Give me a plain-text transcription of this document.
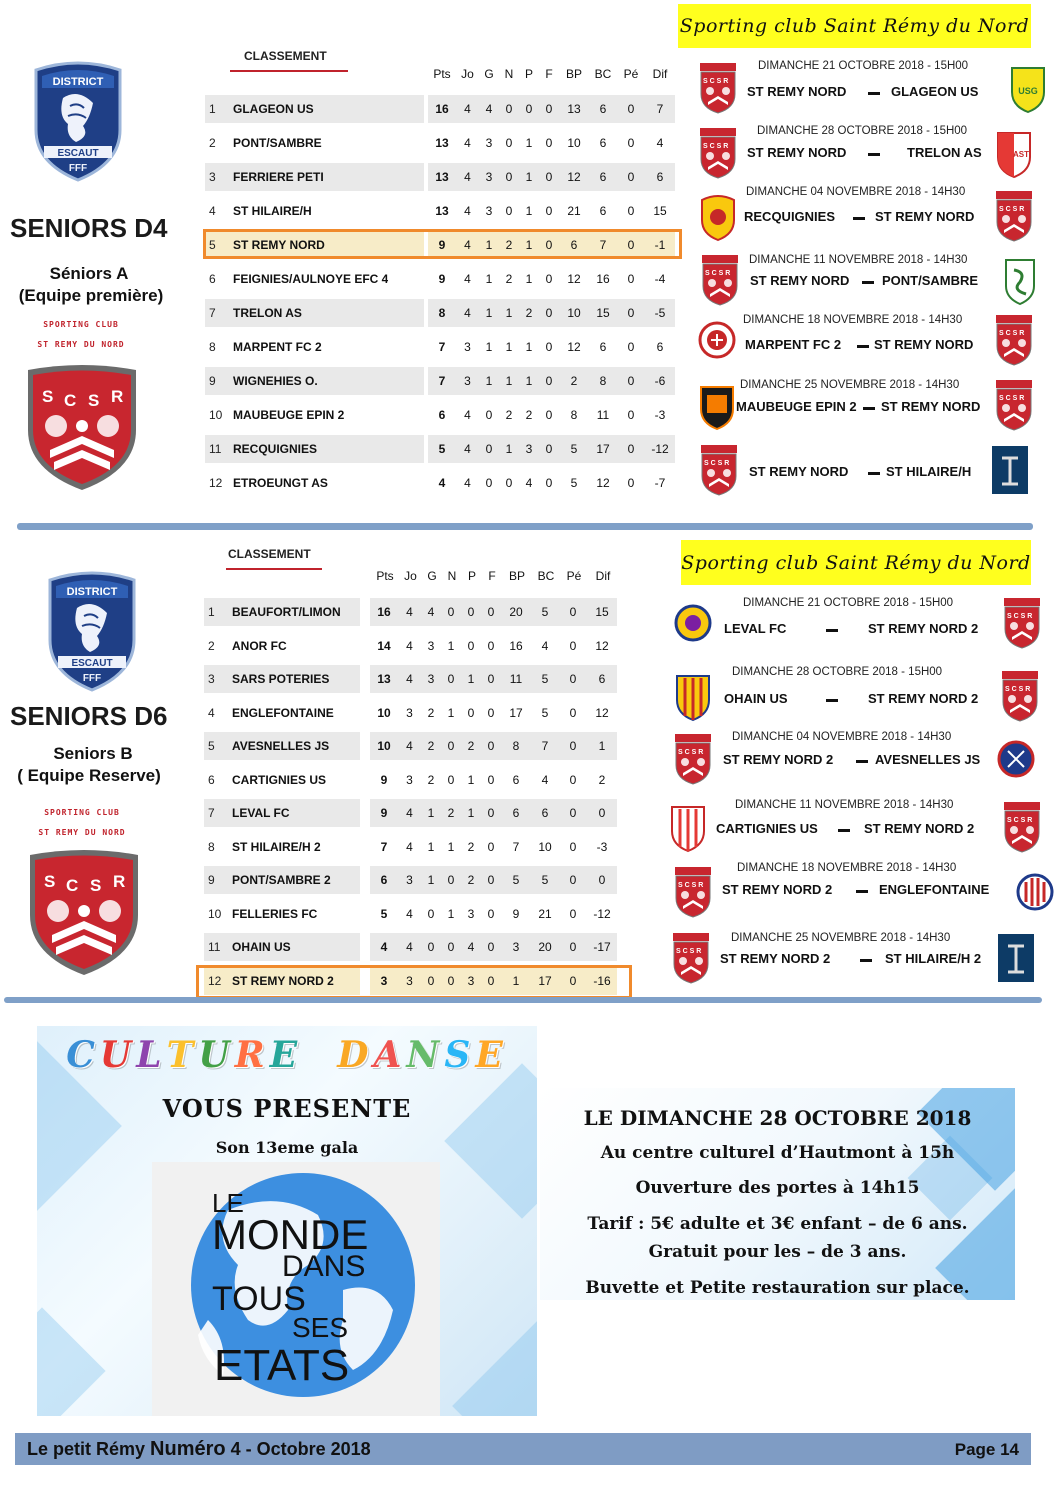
DISTRICT
ESCAUT
FFF
SENIORS D4
Séniors A
(Equipe première)
SPORTING CLUB
ST REMY DU NORD
CLASSEMENT
Pts Jo G N P	F	BP	BC	Pé	Dif
1	GLAGEON US	16	4	4	0	0	0	13	6	0	7
2	PONT/SAMBRE	13	4	3	0	1	0	10	6	0	4
3	FERRIERE PETI	13	4	3	0	1	0	12	6	0	6
4	ST HILAIRE/H	13	4	3	0	1	0	21	6	0	15
5	ST REMY NORD	9	4	1	2	1	0	6	7	0	-1
6	FEIGNIES/AULNOYE EFC 4	9	4	1	2	1	0	12	16	0	-4
7	TRELON AS	8	4	1	1	2	0	10	15	0	-5
8	MARPENT FC 2	7	3	1	1	1	0	12	6	0	6
9	WIGNEHIES O.	7	3	1	1	1	0	2	8	0	-6
10 MAUBEUGE EPIN 2	6	4	0	2	2	0	8	11	0	-3
11 RECQUIGNIES	5	4	0	1	3	0	5	17	0	-12
12 ETROEUNGT AS	4	4	0	0	4	0	5	12	0	-7
Sporting club Saint Rémy du Nord
USG
DIMANCHE 21 OCTOBRE 2018 - 15H00
ST REMY NORD	GLAGEON US
AST
DIMANCHE 28 OCTOBRE 2018 - 15H00
ST REMY NORD	TRELON AS
DIMANCHE 04 NOVEMBRE 2018 - 14H30
RECQUIGNIES	ST REMY NORD
DIMANCHE 11 NOVEMBRE 2018 - 14H30
ST REMY NORD	PONT/SAMBRE
DIMANCHE 18 NOVEMBRE 2018 - 14H30
MARPENT FC 2	ST REMY NORD
DIMANCHE 25 NOVEMBRE 2018 - 14H30
MAUBEUGE EPIN 2 ST REMY NORD
ST REMY NORD	ST HILAIRE/H
DISTRICT
ESCAUT
FFF
SENIORS D6
Seniors B
( Equipe Reserve)
SPORTING CLUB
ST REMY DU NORD
CLASSEMENT
Pts Jo G N P	F	BP	BC	Pé	Dif
1	BEAUFORT/LIMON	16	4	4	0	0	0	20	5	0	15
2	ANOR FC	14	4	3	1	0	0	16	4	0	12
3	SARS POTERIES	13	4	3	0	1	0	11	5	0	6
4	ENGLEFONTAINE	10	3	2	1	0	0	17	5	0	12
5	AVESNELLES JS	10	4	2	0	2	0	8	7	0	1
6	CARTIGNIES US	9	3	2	0	1	0	6	4	0	2
7	LEVAL FC	9	4	1	2	1	0	6	6	0	0
8	ST HILAIRE/H 2	7	4	1	1	2	0	7	10	0	-3
9	PONT/SAMBRE 2	6	3	1	0	2	0	5	5	0	0
10 FELLERIES FC	5	4	0	1	3	0	9	21	0	-12
11 OHAIN US	4	4	0	0	4	0	3	20	0	-17
12 ST REMY NORD 2	3	3	0	0	3	0	1	17	0	-16
Sporting club Saint Rémy du Nord
DIMANCHE 21 OCTOBRE 2018 - 15H00
LEVAL FC	ST REMY NORD 2
DIMANCHE 28 OCTOBRE 2018 - 15H00
OHAIN US	ST REMY NORD 2
DIMANCHE 04 NOVEMBRE 2018 - 14H30
ST REMY NORD 2	AVESNELLES JS
DIMANCHE 11 NOVEMBRE 2018 - 14H30
CARTIGNIES US	ST REMY NORD 2
DIMANCHE 18 NOVEMBRE 2018 - 14H30
ST REMY NORD 2	ENGLEFONTAINE
DIMANCHE 25 NOVEMBRE 2018 - 14H30
ST REMY NORD 2	ST HILAIRE/H 2
CULTURE DANSE
VOUS PRESENTE
Son 13eme gala
LE
MONDE
DANS
TOUS
SES
ETATS
LE DIMANCHE 28 OCTOBRE 2018
Au centre culturel d’Hautmont à 15h
Ouverture des portes à 14h15
Tarif : 5€ adulte et 3€ enfant – de 6 ans.
Gratuit pour les – de 3 ans.
Buvette et Petite restauration sur place.
Le petit Rémy Numéro 4 - Octobre 2018	Page 14
